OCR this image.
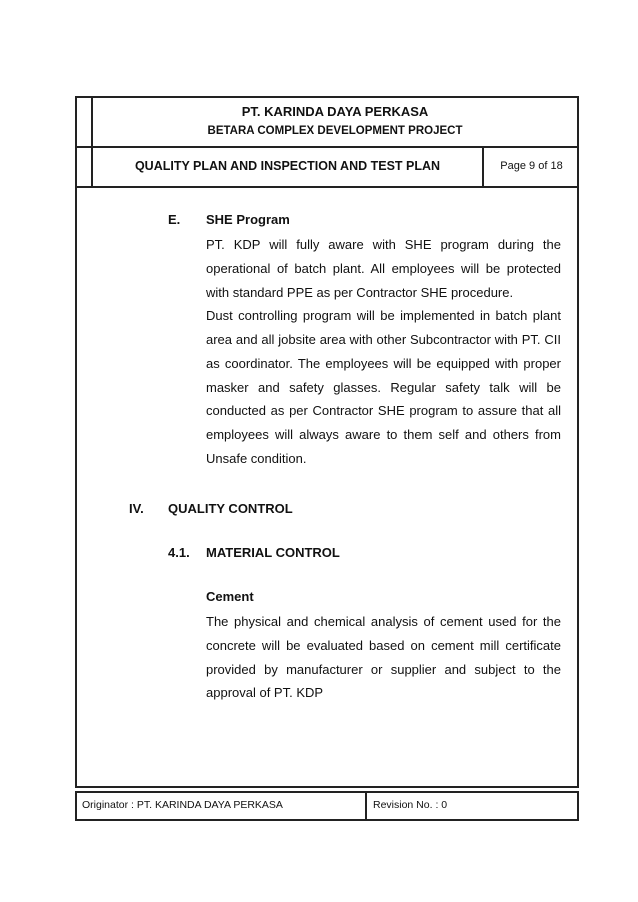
PT. KARINDA DAYA PERKASA
BETARA COMPLEX DEVELOPMENT PROJECT
QUALITY PLAN AND INSPECTION AND TEST PLAN	Page 9 of 18
E. SHE Program
PT. KDP will fully aware with SHE program during the
operational of batch plant. All employees will be protected
with standard PPE as per Contractor SHE procedure.
Dust controlling program will be implemented in batch plant
area and all jobsite area with other Subcontractor with PT. CII
as coordinator. The employees will be equipped with proper
masker and safety glasses. Regular safety talk will be
conducted as per Contractor SHE program to assure that all
employees will always aware to them self and others from
Unsafe condition.
IV. QUALITY CONTROL
4.1. MATERIAL CONTROL
Cement
The physical and chemical analysis of cement used for the
concrete will be evaluated based on cement mill certificate
provided by manufacturer or supplier and subject to the
approval of PT. KDP
Originator : PT. KARINDA DAYA PERKASA	Revision No. : 0
